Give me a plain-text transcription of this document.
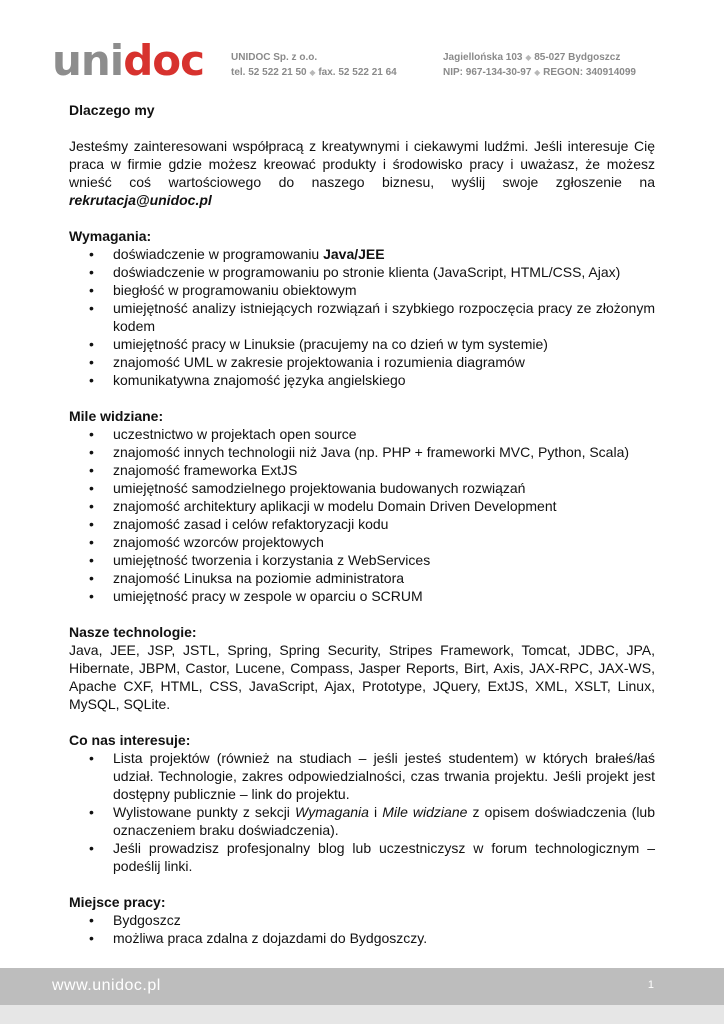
unidoc	UNIDOC Sp. z o.o.
tel. 52 522 21 50 ◆ fax. 52 522 21 64
Jagiellońska 103 ◆ 85-027 Bydgoszcz
NIP: 967-134-30-97 ◆ REGON: 340914099

Dlaczego my

Jesteśmy zainteresowani współpracą z kreatywnymi i ciekawymi ludźmi. Jeśli interesuje Cię praca w firmie gdzie możesz kreować produkty i środowisko pracy i uważasz, że możesz wnieść coś wartościowego do naszego biznesu, wyślij swoje zgłoszenie na rekrutacja@unidoc.pl

Wymagania:

• doświadczenie w programowaniu Java/JEE
• doświadczenie w programowaniu po stronie klienta (JavaScript, HTML/CSS, Ajax)
• biegłość w programowaniu obiektowym
• umiejętność analizy istniejących rozwiązań i szybkiego rozpoczęcia pracy ze złożonym kodem
• umiejętność pracy w Linuksie (pracujemy na co dzień w tym systemie)
• znajomość UML w zakresie projektowania i rozumienia diagramów
• komunikatywna znajomość języka angielskiego

Mile widziane:

• uczestnictwo w projektach open source
• znajomość innych technologii niż Java (np. PHP + frameworki MVC, Python, Scala)
• znajomość frameworka ExtJS
• umiejętność samodzielnego projektowania budowanych rozwiązań
• znajomość architektury aplikacji w modelu Domain Driven Development
• znajomość zasad i celów refaktoryzacji kodu
• znajomość wzorców projektowych
• umiejętność tworzenia i korzystania z WebServices
• znajomość Linuksa na poziomie administratora
• umiejętność pracy w zespole w oparciu o SCRUM

Nasze technologie:

Java, JEE, JSP, JSTL, Spring, Spring Security, Stripes Framework, Tomcat, JDBC, JPA, Hibernate, JBPM, Castor, Lucene, Compass, Jasper Reports, Birt, Axis, JAX-RPC, JAX-WS, Apache CXF, HTML, CSS, JavaScript, Ajax, Prototype, JQuery, ExtJS, XML, XSLT, Linux, MySQL, SQLite.

Co nas interesuje:

• Lista projektów (również na studiach – jeśli jesteś studentem) w których brałeś/łaś udział. Technologie, zakres odpowiedzialności, czas trwania projektu. Jeśli projekt jest dostępny publicznie – link do projektu.
• Wylistowane punkty z sekcji Wymagania i Mile widziane z opisem doświadczenia (lub oznaczeniem braku doświadczenia).
• Jeśli prowadzisz profesjonalny blog lub uczestniczysz w forum technologicznym – podeślij linki.

Miejsce pracy:

• Bydgoszcz
• możliwa praca zdalna z dojazdami do Bydgoszczy.
www.unidoc.pl	1
